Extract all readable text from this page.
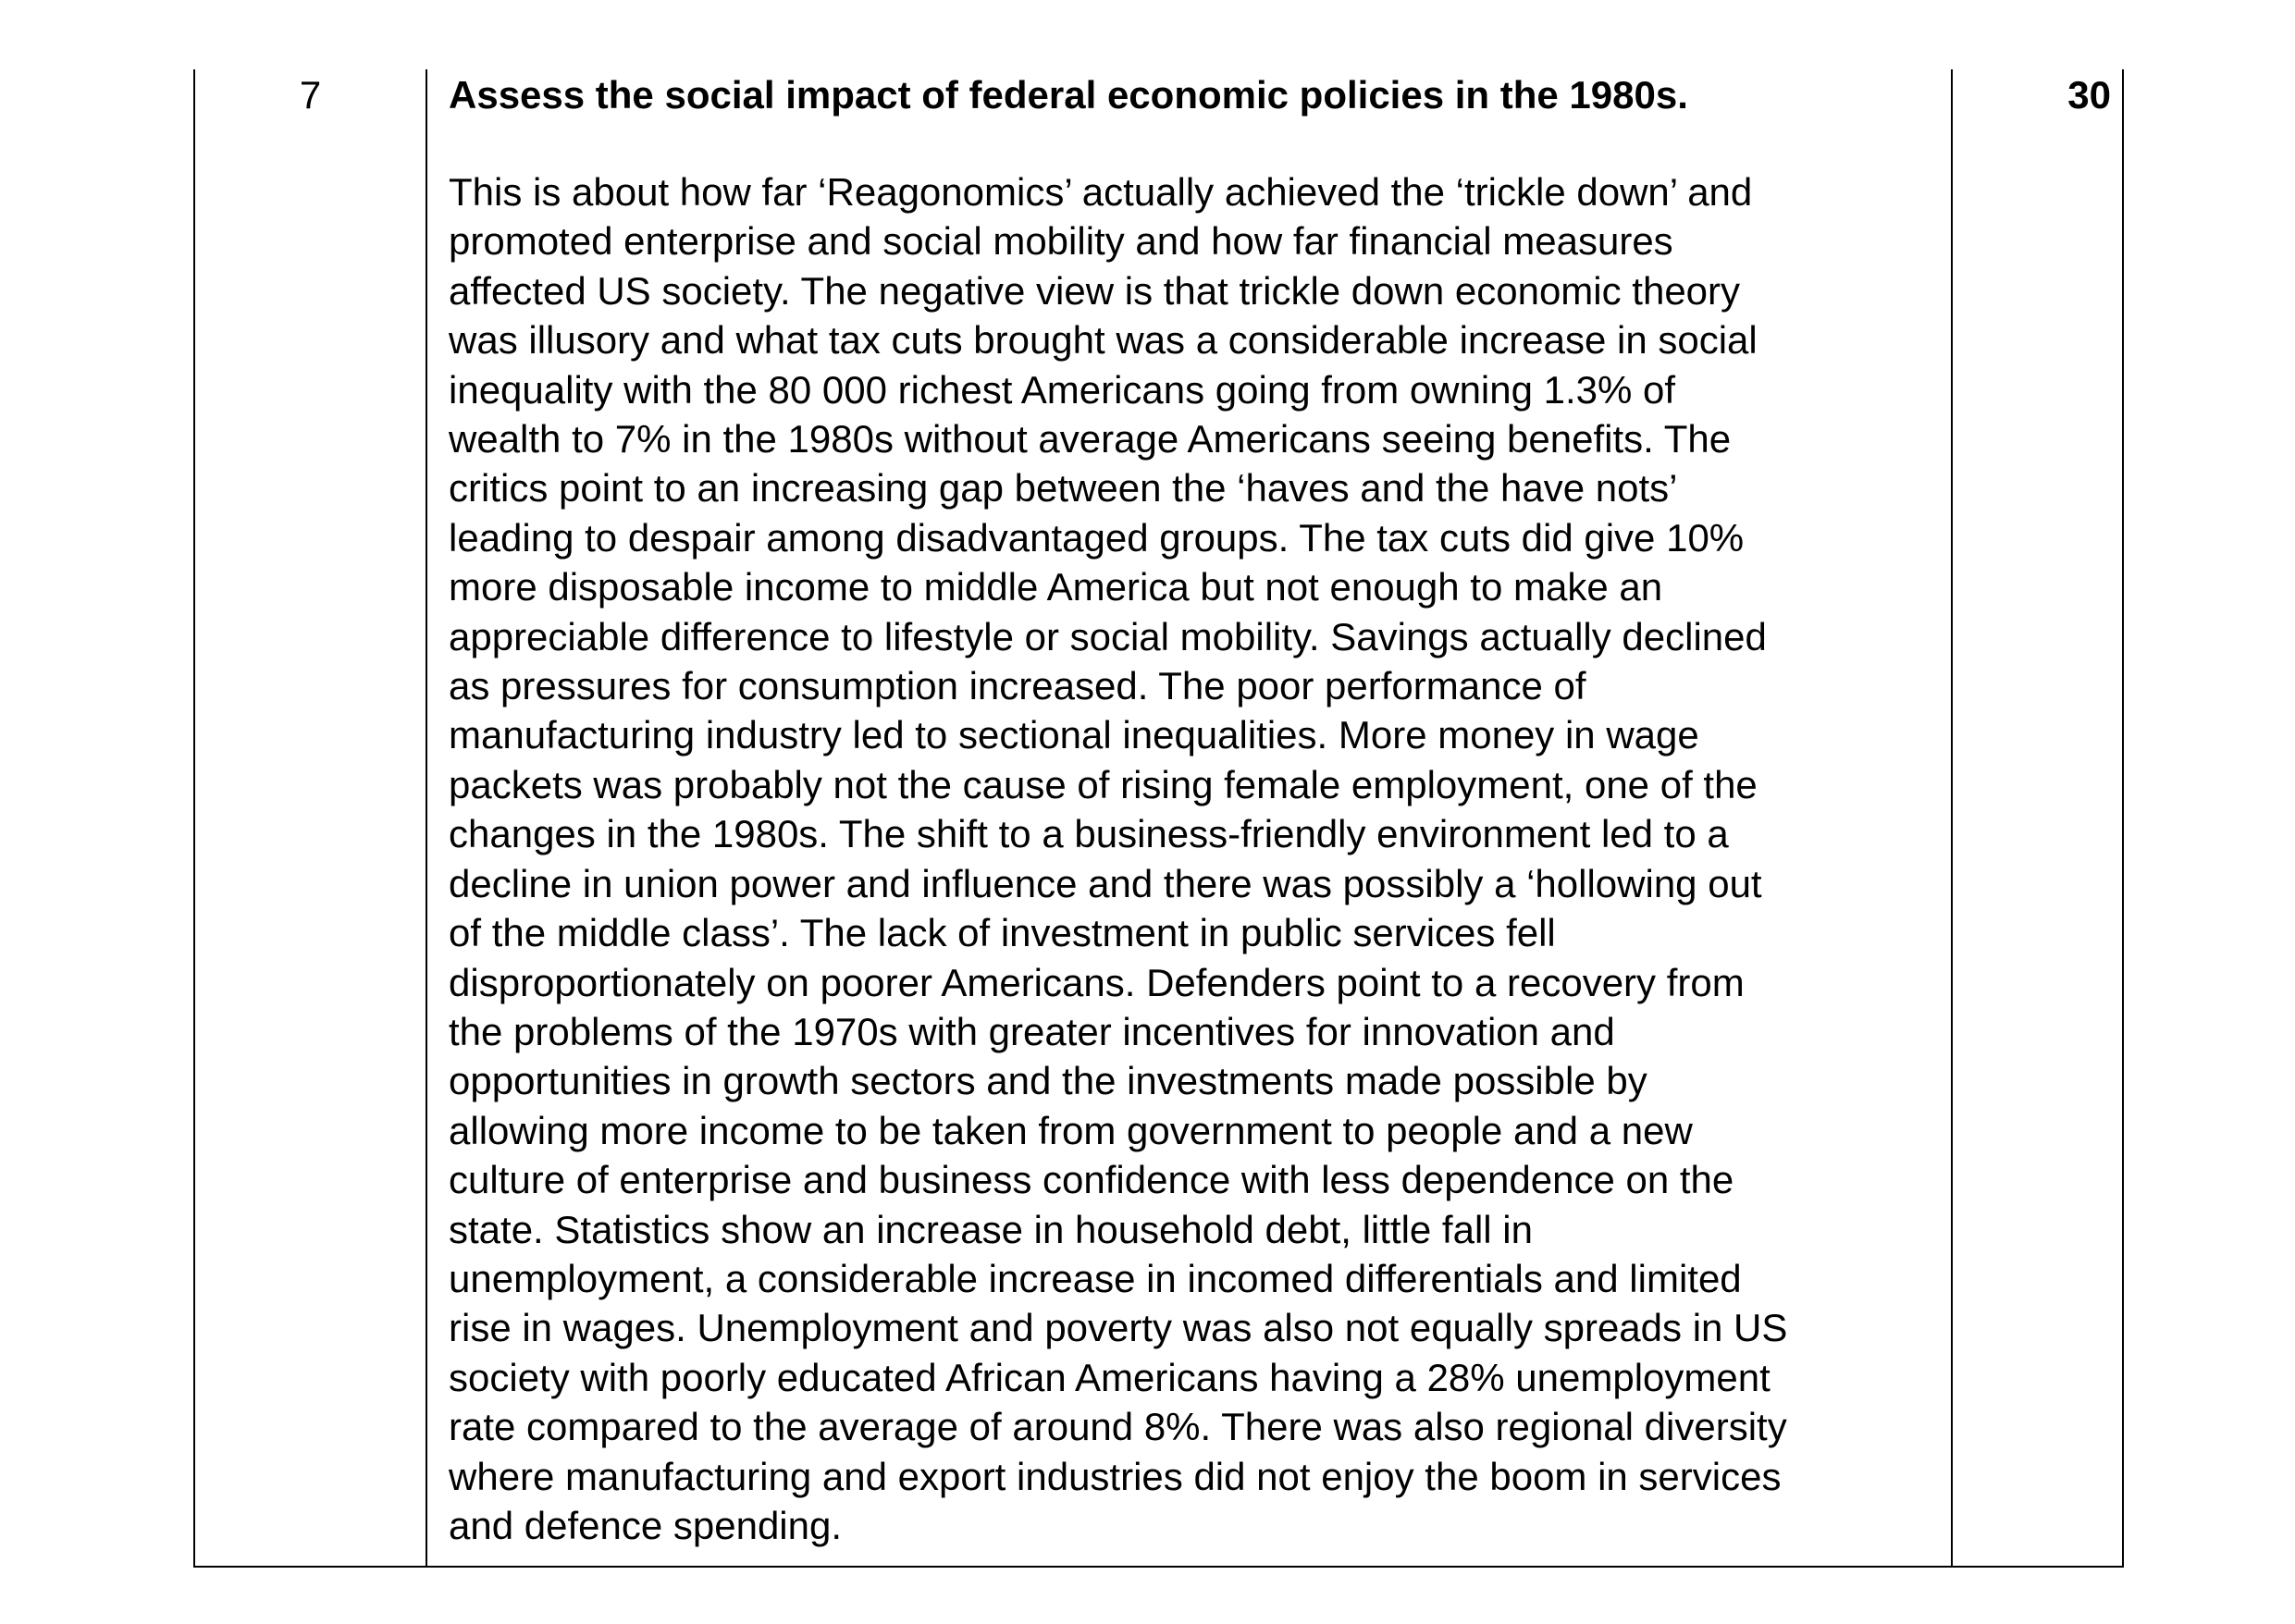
7	Assess the social impact of federal economic policies in the 1980s.

This is about how far ‘Reagonomics’ actually achieved the ‘trickle down’ and
promoted enterprise and social mobility and how far financial measures
affected US society. The negative view is that trickle down economic theory
was illusory and what tax cuts brought was a considerable increase in social
inequality with the 80 000 richest Americans going from owning 1.3% of
wealth to 7% in the 1980s without average Americans seeing benefits. The
critics point to an increasing gap between the ‘haves and the have nots’
leading to despair among disadvantaged groups. The tax cuts did give 10%
more disposable income to middle America but not enough to make an
appreciable difference to lifestyle or social mobility. Savings actually declined
as pressures for consumption increased. The poor performance of
manufacturing industry led to sectional inequalities. More money in wage
packets was probably not the cause of rising female employment, one of the
changes in the 1980s. The shift to a business-friendly environment led to a
decline in union power and influence and there was possibly a ‘hollowing out
of the middle class’. The lack of investment in public services fell
disproportionately on poorer Americans. Defenders point to a recovery from
the problems of the 1970s with greater incentives for innovation and
opportunities in growth sectors and the investments made possible by
allowing more income to be taken from government to people and a new
culture of enterprise and business confidence with less dependence on the
state. Statistics show an increase in household debt, little fall in
unemployment, a considerable increase in incomed differentials and limited
rise in wages. Unemployment and poverty was also not equally spreads in US
society with poorly educated African Americans having a 28% unemployment
rate compared to the average of around 8%. There was also regional diversity
where manufacturing and export industries did not enjoy the boom in services
and defence spending.

30
